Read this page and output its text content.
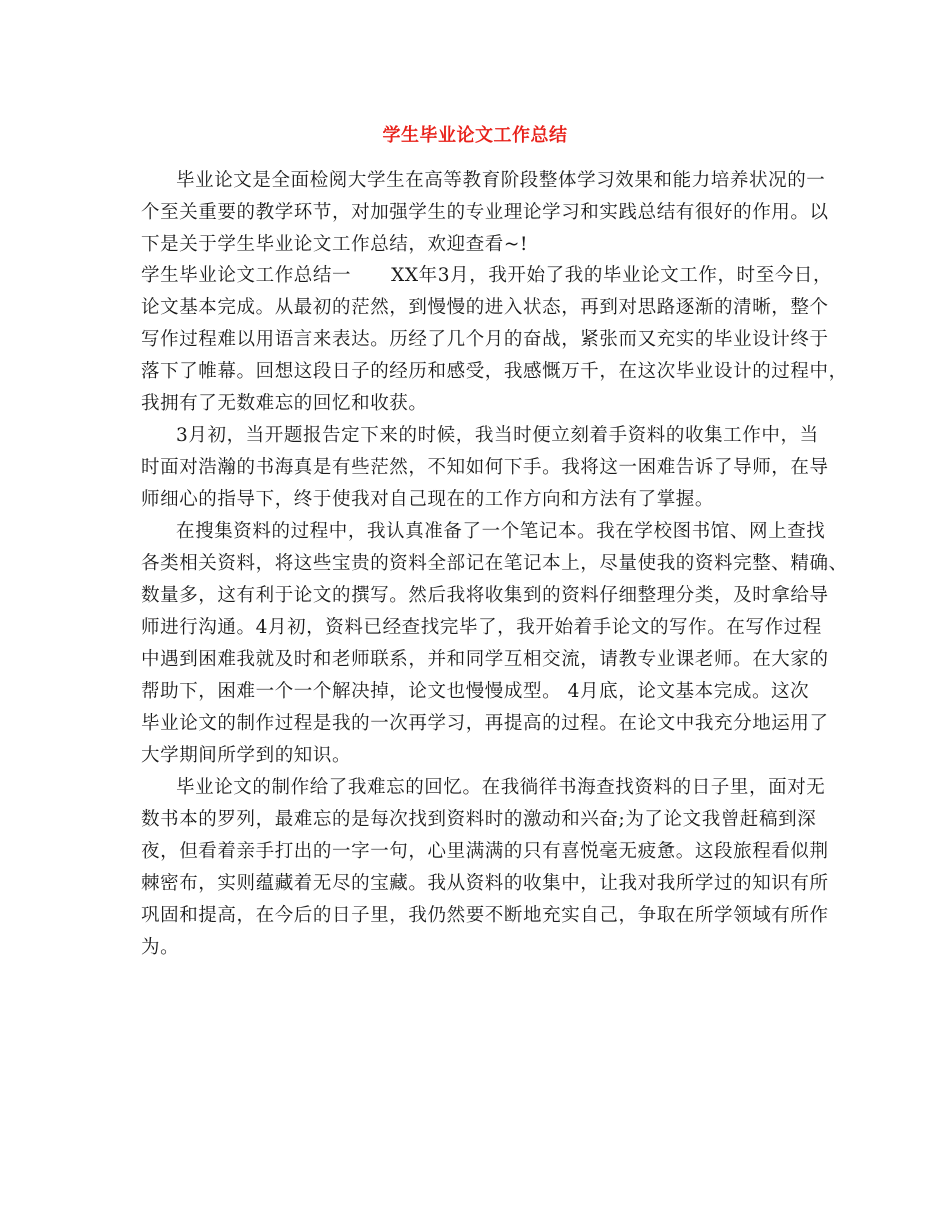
学生毕业论文工作总结
毕业论文是全面检阅大学生在高等教育阶段整体学习效果和能力培养状况的一
个至关重要的教学环节，对加强学生的专业理论学习和实践总结有很好的作用。以
下是关于学生毕业论文工作总结，欢迎查看~!
学生毕业论文工作总结一 XX年3月，我开始了我的毕业论文工作，时至今日，
论文基本完成。从最初的茫然，到慢慢的进入状态，再到对思路逐渐的清晰，整个
写作过程难以用语言来表达。历经了几个月的奋战，紧张而又充实的毕业设计终于
落下了帷幕。回想这段日子的经历和感受，我感慨万千，在这次毕业设计的过程中，
我拥有了无数难忘的回忆和收获。
3月初，当开题报告定下来的时候，我当时便立刻着手资料的收集工作中，当
时面对浩瀚的书海真是有些茫然，不知如何下手。我将这一困难告诉了导师，在导
师细心的指导下，终于使我对自己现在的工作方向和方法有了掌握。
在搜集资料的过程中，我认真准备了一个笔记本。我在学校图书馆、网上查找
各类相关资料，将这些宝贵的资料全部记在笔记本上，尽量使我的资料完整、精确、
数量多，这有利于论文的撰写。然后我将收集到的资料仔细整理分类，及时拿给导
师进行沟通。4月初，资料已经查找完毕了，我开始着手论文的写作。在写作过程
中遇到困难我就及时和老师联系，并和同学互相交流，请教专业课老师。在大家的
帮助下，困难一个一个解决掉，论文也慢慢成型。 4月底，论文基本完成。这次
毕业论文的制作过程是我的一次再学习，再提高的过程。在论文中我充分地运用了
大学期间所学到的知识。
毕业论文的制作给了我难忘的回忆。在我徜徉书海查找资料的日子里，面对无
数书本的罗列，最难忘的是每次找到资料时的激动和兴奋;为了论文我曾赶稿到深
夜，但看着亲手打出的一字一句，心里满满的只有喜悦毫无疲惫。这段旅程看似荆
棘密布，实则蕴藏着无尽的宝藏。我从资料的收集中，让我对我所学过的知识有所
巩固和提高，在今后的日子里，我仍然要不断地充实自己，争取在所学领域有所作
为。
